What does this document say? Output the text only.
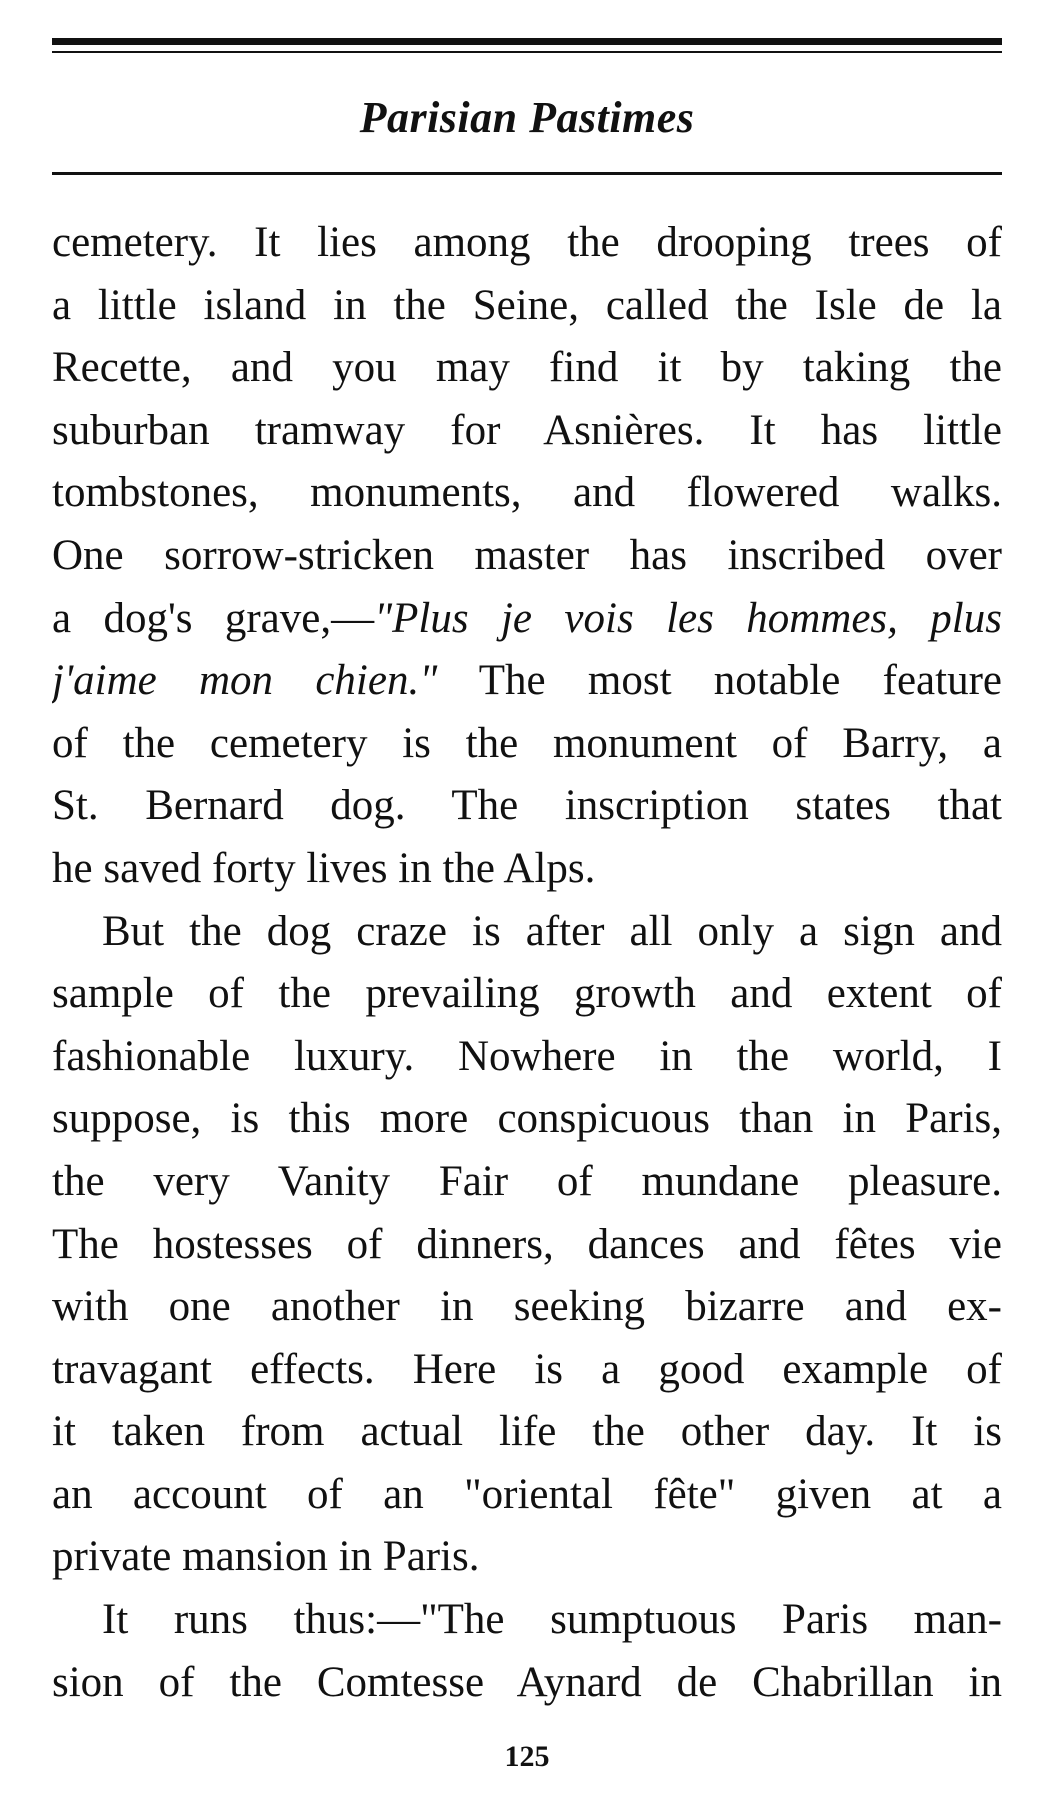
Parisian Pastimes
cemetery. It lies among the drooping trees of
a little island in the Seine, called the Isle de la
Recette, and you may find it by taking the
suburban tramway for Asnières. It has little
tombstones, monuments, and flowered walks.
One sorrow-stricken master has inscribed over
a dog's grave,—"Plus je vois les hommes, plus
j'aime mon chien." The most notable feature
of the cemetery is the monument of Barry, a
St. Bernard dog. The inscription states that
he saved forty lives in the Alps.
But the dog craze is after all only a sign and
sample of the prevailing growth and extent of
fashionable luxury. Nowhere in the world, I
suppose, is this more conspicuous than in Paris,
the very Vanity Fair of mundane pleasure.
The hostesses of dinners, dances and fêtes vie
with one another in seeking bizarre and ex-
travagant effects. Here is a good example of
it taken from actual life the other day. It is
an account of an "oriental fête" given at a
private mansion in Paris.
It runs thus:—"The sumptuous Paris man-
sion of the Comtesse Aynard de Chabrillan in
125
